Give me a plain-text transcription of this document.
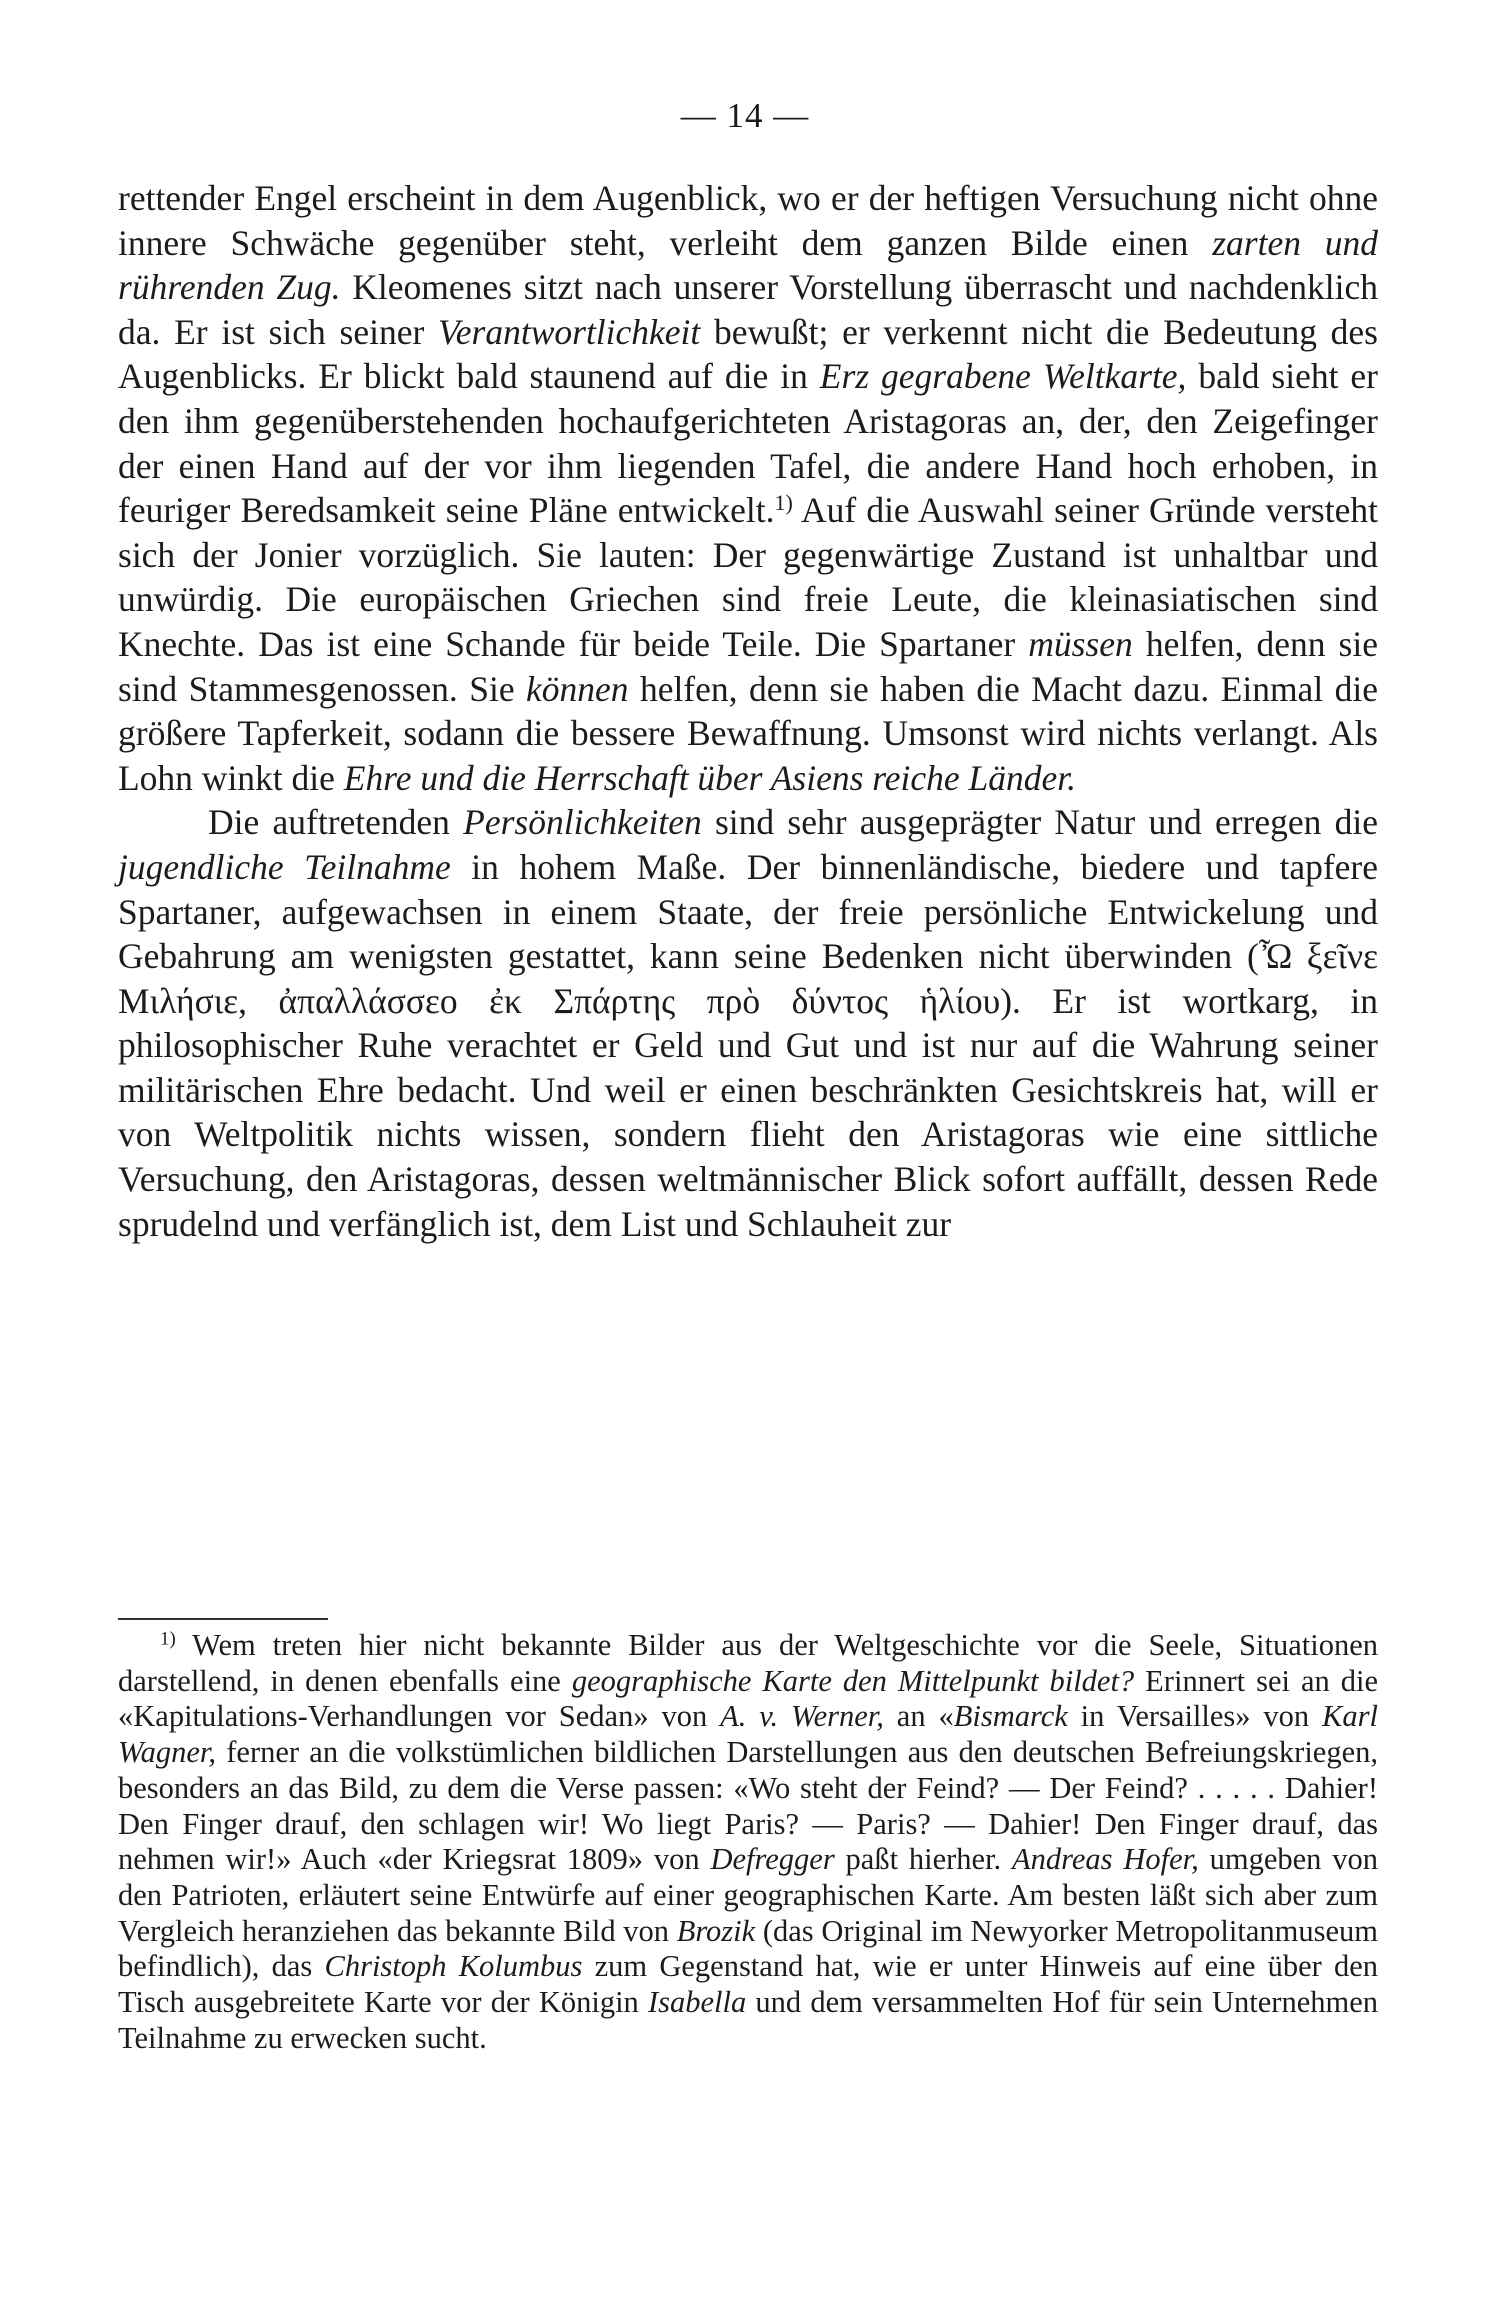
— 14 —

rettender Engel erscheint in dem Augenblick, wo er der heftigen Versuchung nicht ohne innere Schwäche gegenüber steht, verleiht dem ganzen Bilde einen zarten und rührenden Zug. Kleomenes sitzt nach unserer Vorstellung überrascht und nachdenklich da. Er ist sich seiner Verantwortlichkeit bewußt; er verkennt nicht die Bedeutung des Augenblicks. Er blickt bald staunend auf die in Erz gegrabene Weltkarte, bald sieht er den ihm gegenüberstehenden hochaufgerichteten Aristagoras an, der, den Zeigefinger der einen Hand auf der vor ihm liegenden Tafel, die andere Hand hoch erhoben, in feuriger Beredsamkeit seine Pläne entwickelt.$^{1)}$ Auf die Auswahl seiner Gründe versteht sich der Jonier vorzüglich. Sie lauten: Der gegenwärtige Zustand ist unhaltbar und unwürdig. Die europäischen Griechen sind freie Leute, die kleinasiatischen sind Knechte. Das ist eine Schande für beide Teile. Die Spartaner müssen helfen, denn sie sind Stammesgenossen. Sie können helfen, denn sie haben die Macht dazu. Einmal die größere Tapferkeit, sodann die bessere Bewaffnung. Umsonst wird nichts verlangt. Als Lohn winkt die Ehre und die Herrschaft über Asiens reiche Länder.

Die auftretenden Persönlichkeiten sind sehr ausgeprägter Natur und erregen die jugendliche Teilnahme in hohem Maße. Der binnenländische, biedere und tapfere Spartaner, aufgewachsen in einem Staate, der freie persönliche Entwickelung und Gebahrung am wenigsten gestattet, kann seine Bedenken nicht überwinden (Ὦ ξεῖνε Μιλήσιε, ἀπαλλάσσεο ἐκ Σπάρτης πρὸ δύντος ἡλίου). Er ist wortkarg, in philosophischer Ruhe verachtet er Geld und Gut und ist nur auf die Wahrung seiner militärischen Ehre bedacht. Und weil er einen beschränkten Gesichtskreis hat, will er von Weltpolitik nichts wissen, sondern flieht den Aristagoras wie eine sittliche Versuchung, den Aristagoras, dessen weltmännischer Blick sofort auffällt, dessen Rede sprudelnd und verfänglich ist, dem List und Schlauheit zur

$^{1)}$ Wem treten hier nicht bekannte Bilder aus der Weltgeschichte vor die Seele, Situationen darstellend, in denen ebenfalls eine geographische Karte den Mittelpunkt bildet? Erinnert sei an die «Kapitulations-Verhandlungen vor Sedan» von A. v. Werner, an «Bismarck in Versailles» von Karl Wagner, ferner an die volkstümlichen bildlichen Darstellungen aus den deutschen Befreiungskriegen, besonders an das Bild, zu dem die Verse passen: «Wo steht der Feind? — Der Feind? . . . . . Dahier! Den Finger drauf, den schlagen wir! Wo liegt Paris? — Paris? — Dahier! Den Finger drauf, das nehmen wir!» Auch «der Kriegsrat 1809» von Defregger paßt hierher. Andreas Hofer, umgeben von den Patrioten, erläutert seine Entwürfe auf einer geographischen Karte. Am besten läßt sich aber zum Vergleich heranziehen das bekannte Bild von Brozik (das Original im Newyorker Metropolitanmuseum befindlich), das Christoph Kolumbus zum Gegenstand hat, wie er unter Hinweis auf eine über den Tisch ausgebreitete Karte vor der Königin Isabella und dem versammelten Hof für sein Unternehmen Teilnahme zu erwecken sucht.
